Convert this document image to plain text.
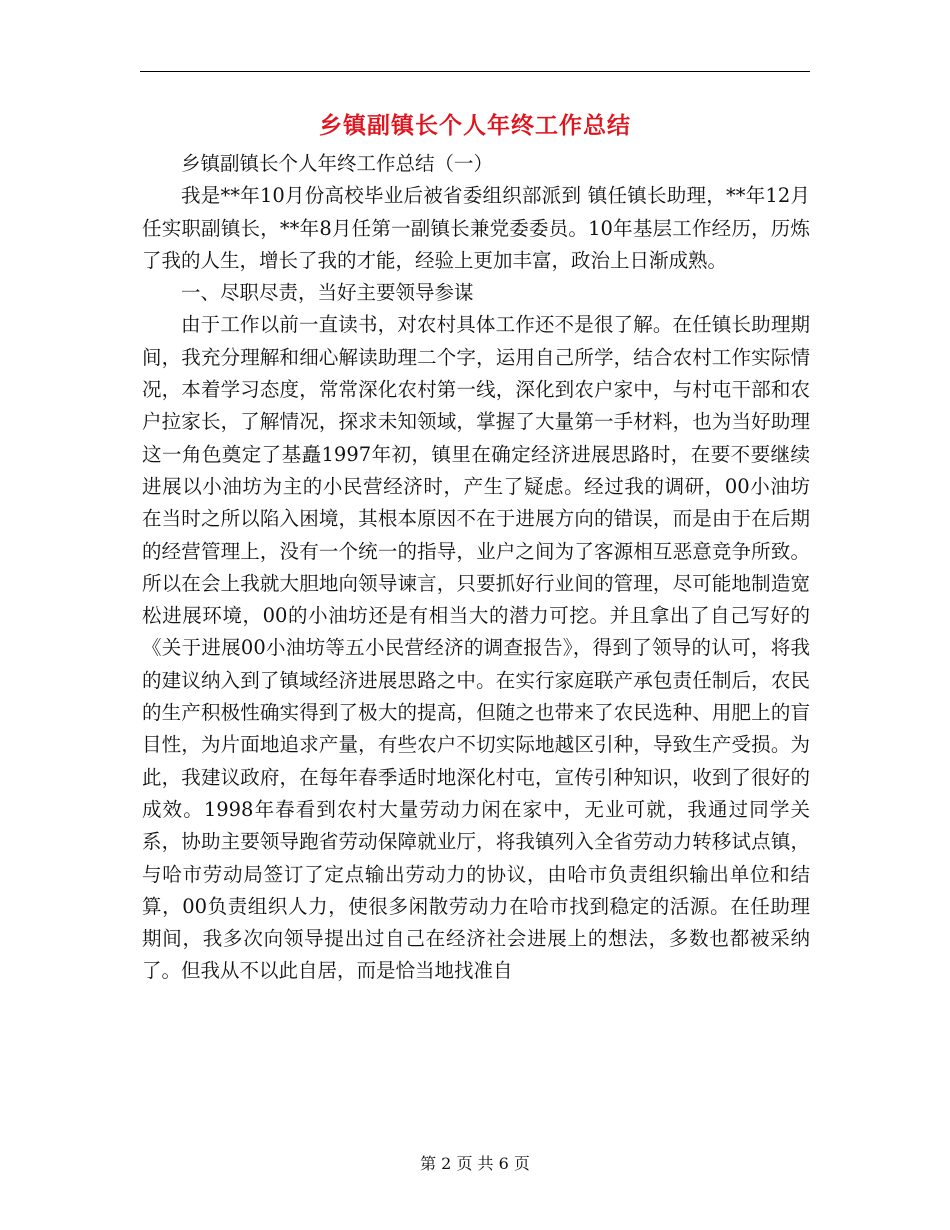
乡镇副镇长个人年终工作总结

乡镇副镇长个人年终工作总结（一）

我是**年10月份高校毕业后被省委组织部派到 镇任镇长助理，**年12月任实职副镇长，**年8月任第一副镇长兼党委委员。10年基层工作经历，历炼了我的人生，增长了我的才能，经验上更加丰富，政治上日渐成熟。

一、尽职尽责，当好主要领导参谋

由于工作以前一直读书，对农村具体工作还不是很了解。在任镇长助理期间，我充分理解和细心解读助理二个字，运用自己所学，结合农村工作实际情况，本着学习态度，常常深化农村第一线，深化到农户家中，与村屯干部和农户拉家长，了解情况，探求未知领域，掌握了大量第一手材料，也为当好助理这一角色奠定了基矗1997年初，镇里在确定经济进展思路时，在要不要继续进展以小油坊为主的小民营经济时，产生了疑虑。经过我的调研，00小油坊在当时之所以陷入困境，其根本原因不在于进展方向的错误，而是由于在后期的经营管理上，没有一个统一的指导，业户之间为了客源相互恶意竞争所致。所以在会上我就大胆地向领导谏言，只要抓好行业间的管理，尽可能地制造宽松进展环境，00的小油坊还是有相当大的潜力可挖。并且拿出了自己写好的《关于进展00小油坊等五小民营经济的调查报告》，得到了领导的认可，将我的建议纳入到了镇域经济进展思路之中。在实行家庭联产承包责任制后，农民的生产积极性确实得到了极大的提高，但随之也带来了农民选种、用肥上的盲目性，为片面地追求产量，有些农户不切实际地越区引种，导致生产受损。为此，我建议政府，在每年春季适时地深化村屯，宣传引种知识，收到了很好的成效。1998年春看到农村大量劳动力闲在家中，无业可就，我通过同学关系，协助主要领导跑省劳动保障就业厅，将我镇列入全省劳动力转移试点镇，与哈市劳动局签订了定点输出劳动力的协议，由哈市负责组织输出单位和结算，00负责组织人力，使很多闲散劳动力在哈市找到稳定的活源。在任助理期间，我多次向领导提出过自己在经济社会进展上的想法，多数也都被采纳了。但我从不以此自居，而是恰当地找准自

第 2 页 共 6 页
